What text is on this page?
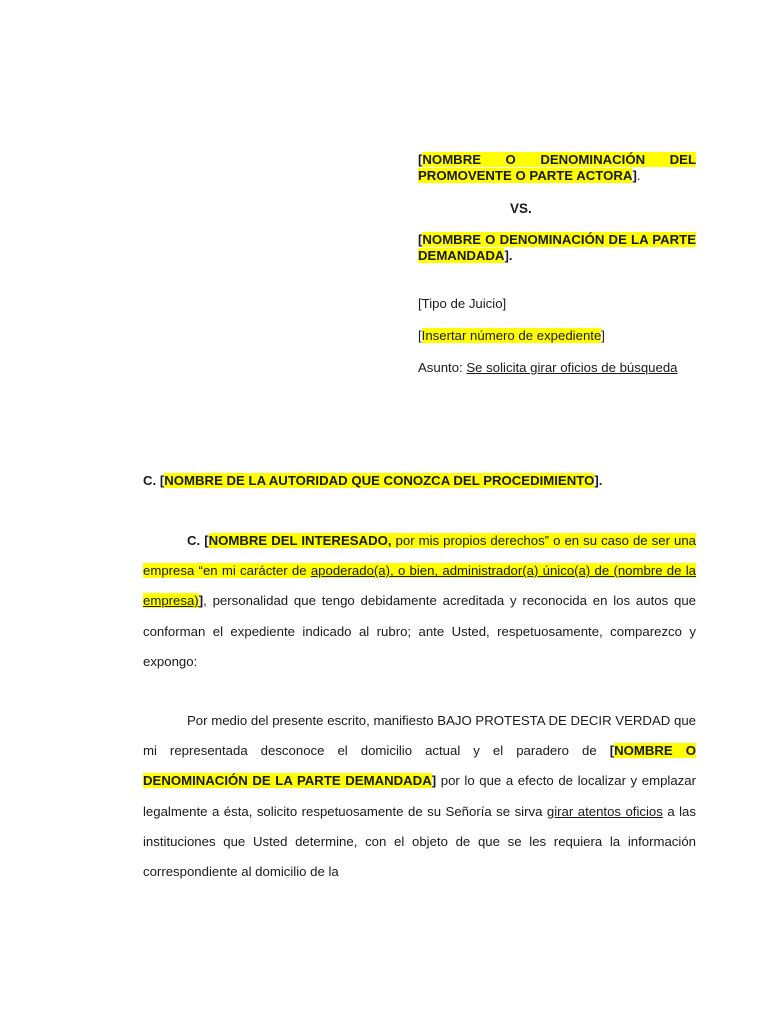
[NOMBRE O DENOMINACIÓN DEL PROMOVENTE O PARTE ACTORA].
VS.
[NOMBRE O DENOMINACIÓN DE LA PARTE DEMANDADA].
[Tipo de Juicio]
[Insertar número de expediente]
Asunto: Se solicita girar oficios de búsqueda
C. [NOMBRE DE LA AUTORIDAD QUE CONOZCA DEL PROCEDIMIENTO].
C. [NOMBRE DEL INTERESADO, por mis propios derechos” o en su caso de ser una empresa “en mi carácter de apoderado(a), o bien, administrador(a) único(a) de (nombre de la empresa)], personalidad que tengo debidamente acreditada y reconocida en los autos que conforman el expediente indicado al rubro; ante Usted, respetuosamente, comparezco y expongo:
Por medio del presente escrito, manifiesto BAJO PROTESTA DE DECIR VERDAD que mi representada desconoce el domicilio actual y el paradero de [NOMBRE O DENOMINACIÓN DE LA PARTE DEMANDADA] por lo que a efecto de localizar y emplazar legalmente a ésta, solicito respetuosamente de su Señoría se sirva girar atentos oficios a las instituciones que Usted determine, con el objeto de que se les requiera la información correspondiente al domicilio de la
